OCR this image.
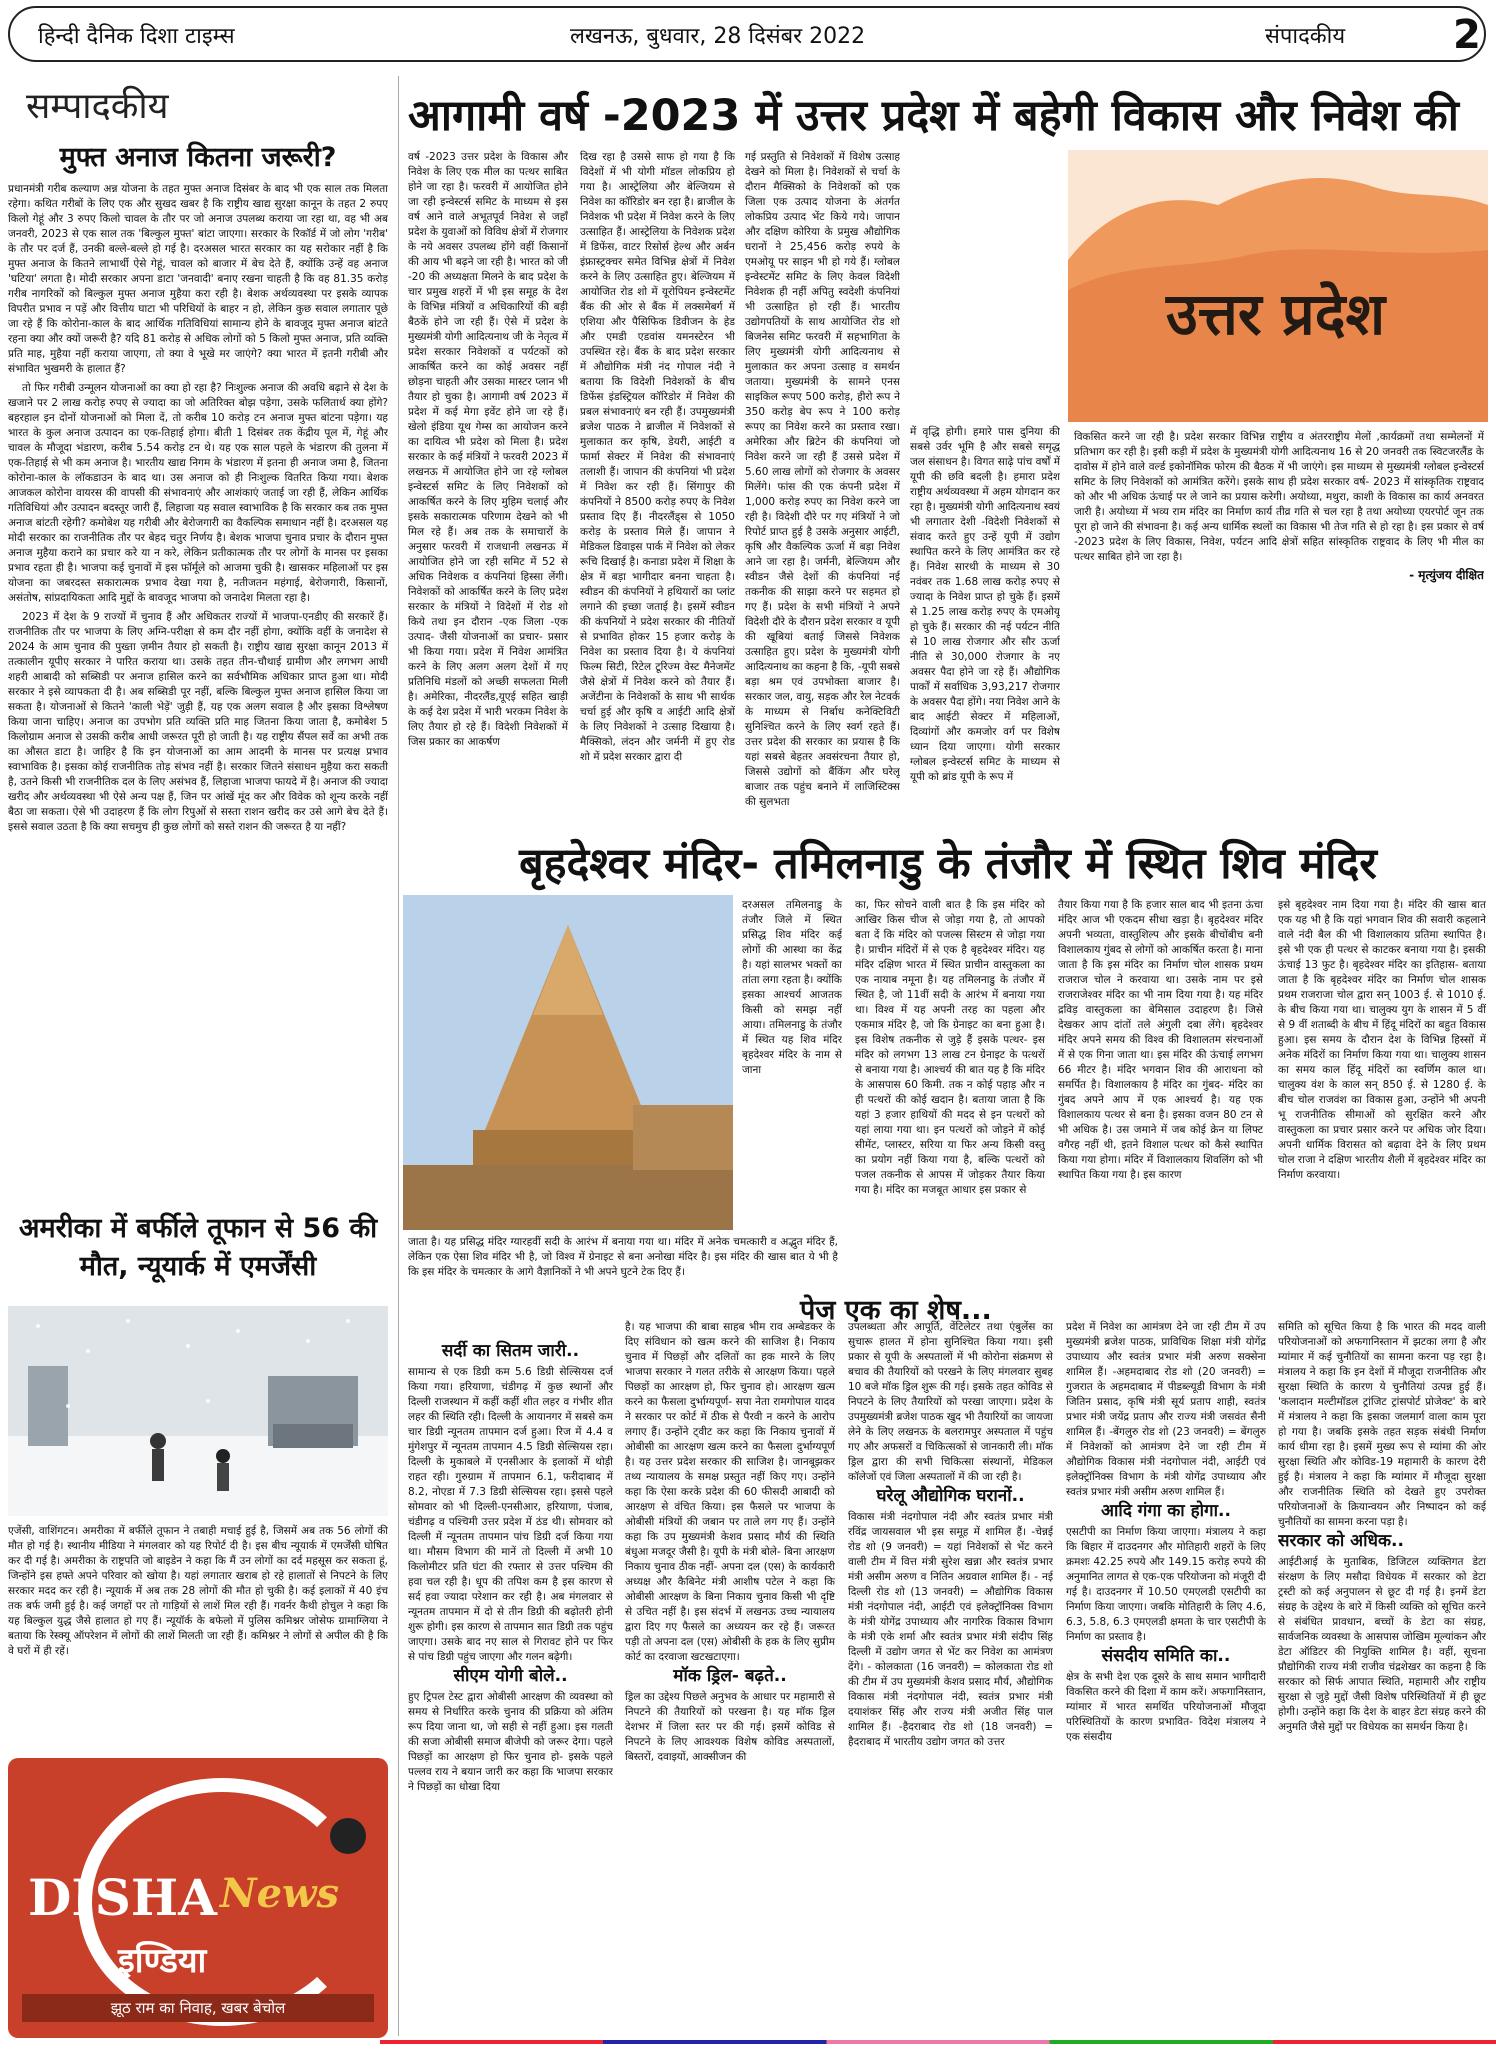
हिन्दी दैनिक दिशा टाइम्स	लखनऊ, बुधवार, 28 दिसंबर 2022	संपादकीय	2
सम्पादकीय
मुफ्त अनाज कितना जरूरी?

प्रधानमंत्री गरीब कल्याण अन्न योजना के तहत मुफ्त अनाज दिसंबर के बाद भी एक साल तक मिलता रहेगा। कथित गरीबों के लिए एक और सुखद खबर है कि राष्ट्रीय खाद्य सुरक्षा कानून के तहत 2 रुपए किलो गेहूं और 3 रुपए किलो चावल के तौर पर जो अनाज उपलब्ध कराया जा रहा था, वह भी अब जनवरी, 2023 से एक साल तक 'बिल्कुल मुफ्त' बांटा जाएगा। सरकार के रिकॉर्ड में जो लोग 'गरीब' के तौर पर दर्ज हैं, उनकी बल्ले-बल्ले हो गई है। दरअसल भारत सरकार का यह सरोकार नहीं है कि मुफ्त अनाज के कितने लाभार्थी ऐसे गेहूं, चावल को बाजार में बेच देते हैं, क्योंकि उन्हें वह अनाज 'घटिया' लगता है। मोदी सरकार अपना डाटा 'जनवादी' बनाए रखना चाहती है कि वह 81.35 करोड़ गरीब नागरिकों को बिल्कुल मुफ्त अनाज मुहैया करा रही है। बेशक अर्थव्यवस्था पर इसके व्यापक विपरीत प्रभाव न पड़ें और वित्तीय घाटा भी परिधियों के बाहर न हो, लेकिन कुछ सवाल लगातार पूछे जा रहे हैं कि कोरोना-काल के बाद आर्थिक गतिविधियां सामान्य होने के बावजूद मुफ्त अनाज बांटते रहना क्या और क्यों जरूरी है? यदि 81 करोड़ से अधिक लोगों को 5 किलो मुफ्त अनाज, प्रति व्यक्ति प्रति माह, मुहैया नहीं कराया जाएगा, तो क्या वे भूखे मर जाएंगे? क्या भारत में इतनी गरीबी और संभावित भुखमरी के हालात हैं?

तो फिर गरीबी उन्मूलन योजनाओं का क्या हो रहा है? निःशुल्क अनाज की अवधि बढ़ाने से देश के खजाने पर 2 लाख करोड़ रुपए से ज्यादा का जो अतिरिक्त बोझ पड़ेगा, उसके फलितार्थ क्या होंगे? बहरहाल इन दोनों योजनाओं को मिला दें, तो करीब 10 करोड़ टन अनाज मुफ्त बांटना पड़ेगा। यह भारत के कुल अनाज उत्पादन का एक-तिहाई होगा। बीती 1 दिसंबर तक केंद्रीय पूल में, गेहूं और चावल के मौजूदा भंडारण, करीब 5.54 करोड़ टन थे। यह एक साल पहले के भंडारण की तुलना में एक-तिहाई से भी कम अनाज है। भारतीय खाद्य निगम के भंडारण में इतना ही अनाज जमा है, जितना कोरोना-काल के लॉकडाउन के बाद था। उस अनाज को ही निःशुल्क वितरित किया गया। बेशक आजकल कोरोना वायरस की वापसी की संभावनाएं और आशंकाएं जताई जा रही हैं, लेकिन आर्थिक गतिविधियां और उत्पादन बदस्तूर जारी हैं, लिहाजा यह सवाल स्वाभाविक है कि सरकार कब तक मुफ्त अनाज बांटती रहेगी? कमोबेश यह गरीबी और बेरोजगारी का वैकल्पिक समाधान नहीं है। दरअसल यह मोदी सरकार का राजनीतिक तौर पर बेहद चतुर निर्णय है। बेशक भाजपा चुनाव प्रचार के दौरान मुफ्त अनाज मुहैया कराने का प्रचार करे या न करे, लेकिन प्रतीकात्मक तौर पर लोगों के मानस पर इसका प्रभाव रहता ही है। भाजपा कई चुनावों में इस फॉर्मूले को आजमा चुकी है। खासकर महिलाओं पर इस योजना का जबरदस्त सकारात्मक प्रभाव देखा गया है, नतीजतन महंगाई, बेरोजगारी, किसानों, असंतोष, सांप्रदायिकता आदि मुद्दों के बावजूद भाजपा को जनादेश मिलता रहा है।

2023 में देश के 9 राज्यों में चुनाव हैं और अधिकतर राज्यों में भाजपा-एनडीए की सरकारें हैं। राजनीतिक तौर पर भाजपा के लिए अग्नि-परीक्षा से कम दौर नहीं होगा, क्योंकि वहीं के जनादेश से 2024 के आम चुनाव की पुख्ता ज़मीन तैयार हो सकती है। राष्ट्रीय खाद्य सुरक्षा कानून 2013 में तत्कालीन यूपीए सरकार ने पारित कराया था। उसके तहत तीन-चौथाई ग्रामीण और लगभग आधी शहरी आबादी को सब्सिडी पर अनाज हासिल करने का सर्वभौमिक अधिकार प्राप्त हुआ था। मोदी सरकार ने इसे व्यापकता दी है। अब सब्सिडी पूर नहीं, बल्कि बिल्कुल मुफ्त अनाज हासिल किया जा सकता है। योजनाओं से कितने 'काली भेड़ें' जुड़ी हैं, यह एक अलग सवाल है और इसका विश्लेषण किया जाना चाहिए। अनाज का उपभोग प्रति व्यक्ति प्रति माह जितना किया जाता है, कमोबेश 5 किलोग्राम अनाज से उसकी करीब आधी जरूरत पूरी हो जाती है। यह राष्ट्रीय सैंपल सर्वे का अभी तक का औसत डाटा है। जाहिर है कि इन योजनाओं का आम आदमी के मानस पर प्रत्यक्ष प्रभाव स्वाभाविक है। इसका कोई राजनीतिक तोड़ संभव नहीं है। सरकार जितने संसाधन मुहैया करा सकती है, उतने किसी भी राजनीतिक दल के लिए असंभव हैं, लिहाजा भाजपा फायदे में है। अनाज की ज्यादा खरीद और अर्थव्यवस्था भी ऐसे अन्य पक्ष हैं, जिन पर आंखें मूंद कर और विवेक को शून्य करके नहीं बैठा जा सकता। ऐसे भी उदाहरण हैं कि लोग रिपुओं से सस्ता राशन खरीद कर उसे आगे बेच देते हैं। इससे सवाल उठता है कि क्या सचमुच ही कुछ लोगों को सस्ते राशन की जरूरत है या नहीं?

अमरीका में बर्फीले तूफान से 56 की मौत, न्यूयार्क में एमर्जेंसी

एजेंसी, वाशिंगटन। अमरीका में बर्फीले तूफान ने तबाही मचाई हुई है, जिसमें अब तक 56 लोगों की मौत हो गई है। स्थानीय मीडिया ने मंगलवार को यह रिपोर्ट दी है। इस बीच न्यूयार्क में एमर्जेंसी घोषित कर दी गई है। अमरीका के राष्ट्रपति जो बाइडेन ने कहा कि मैं उन लोगों का दर्द महसूस कर सकता हूं, जिन्होंने इस हफ्ते अपने परिवार को खोया है। यहां लगातार खराब हो रहे हालातों से निपटने के लिए सरकार मदद कर रही है। न्यूयार्क में अब तक 28 लोगों की मौत हो चुकी है। कई इलाकों में 40 इंच तक बर्फ जमी हुई है। कई जगहों पर तो गाड़ियों से लाशें मिल रही हैं। गवर्नर कैथी होचुल ने कहा कि यह बिल्कुल युद्ध जैसे हालात हो गए हैं। न्यूयॉर्क के बफेलो में पुलिस कमिश्नर जोसेफ ग्रामाग्लिया ने बताया कि रेस्क्यू ऑपरेशन में लोगों की लाशें मिलती जा रही हैं। कमिश्नर ने लोगों से अपील की है कि वे घरों में ही रहें।

DISHA News
इण्डिया
झूठ राम का निवाह, खबर बेचोल
आगामी वर्ष -2023 में उत्तर प्रदेश में बहेगी विकास और निवेश की
उत्तर प्रदेश

वर्ष -2023 उत्तर प्रदेश के विकास और निवेश के लिए एक मील का पत्थर साबित होने जा रहा है। फरवरी में आयोजित होने जा रही इन्वेस्टर्स समिट के माध्यम से इस वर्ष आने वाले अभूतपूर्व निवेश से जहाँ प्रदेश के युवाओं को विविध क्षेत्रों में रोजगार के नये अवसर उपलब्ध होंगे वहीं किसानों की आय भी बढ़ने जा रही है। भारत को जी -20 की अध्यक्षता मिलने के बाद प्रदेश के चार प्रमुख शहरों में भी इस समूह के देश के विभिन्न मंत्रियों व अधिकारियों की बड़ी बैठकें होने जा रही हैं। ऐसे में प्रदेश के मुख्यमंत्री योगी आदित्यनाथ जी के नेतृत्व में प्रदेश सरकार निवेशकों व पर्यटकों को आकर्षित करने का कोई अवसर नहीं छोड़ना चाहती और उसका मास्टर प्लान भी तैयार हो चुका है। आगामी वर्ष 2023 में प्रदेश में कई मेगा इवेंट होने जा रहे हैं। खेलो इंडिया यूथ गेम्स का आयोजन करने का दायित्व भी प्रदेश को मिला है। प्रदेश सरकार के कई मंत्रियों ने फरवरी 2023 में लखनऊ में आयोजित होने जा रहे ग्लोबल इन्वेस्टर्स समिट के लिए निवेशकों को आकर्षित करने के लिए मुहिम चलाई और इसके सकारात्मक परिणाम देखने को भी मिल रहे हैं। अब तक के समाचारों के अनुसार फरवरी में राजधानी लखनऊ में आयोजित होने जा रही समिट में 52 से अधिक निवेशक व कंपनियां हिस्सा लेंगी। निवेशकों को आकर्षित करने के लिए प्रदेश सरकार के मंत्रियों ने विदेशों में रोड शो किये तथा इन दौरान -एक जिला -एक उत्पाद- जैसी योजनाओं का प्रचार- प्रसार भी किया गया। प्रदेश में निवेश आमंत्रित करने के लिए अलग अलग देशों में गए प्रतिनिधि मंडलों को अच्छी सफलता मिली है। अमेरिका, नीदरलैंड,यूएई सहित खाड़ी के कई देश प्रदेश में भारी भरकम निवेश के लिए तैयार हो रहे हैं। विदेशी निवेशकों में जिस प्रकार का आकर्षण

दिख रहा है उससे साफ हो गया है कि विदेशों में भी योगी मॉडल लोकप्रिय हो गया है। आस्ट्रेलिया और बेल्जियम से निवेश का कॉरिडोर बन रहा है। ब्राजील के निवेशक भी प्रदेश में निवेश करने के लिए उत्साहित हैं। आस्ट्रेलिया के निवेशक प्रदेश में डिफेंस, वाटर रिसोर्स हेल्थ और अर्बन इंफ्रास्ट्रक्चर समेत विभिन्न क्षेत्रों में निवेश करने के लिए उत्साहित हुए। बेल्जियम में आयोजित रोड शो में यूरोपियन इन्वेस्टमेंट बैंक की ओर से बैंक में लक्समेबर्ग में एशिया और पैसिफिक डिवीजन के हेड और एमडी एडवांस यमनस्टेरन भी उपस्थित रहे। बैंक के बाद प्रदेश सरकार में औद्योगिक मंत्री नंद गोपाल नंदी ने बताया कि विदेशी निवेशकों के बीच डिफेंस इंडस्ट्रियल कॉरिडोर में निवेश की प्रबल संभावनाएं बन रही हैं। उपमुख्यमंत्री ब्रजेश पाठक ने ब्राजील में निवेशकों से मुलाकात कर कृषि, डेयरी, आईटी व फार्मा सेक्टर में निवेश की संभावनाएं तलाशी हैं। जापान की कंपनियां भी प्रदेश में निवेश कर रही हैं। सिंगापुर की कंपनियों ने 8500 करोड़ रुपए के निवेश प्रस्ताव दिए हैं। नीदरलैंड्स से 1050 करोड़ के प्रस्ताव मिले हैं। जापान ने मेडिकल डिवाइस पार्क में निवेश को लेकर रूचि दिखाई है। कनाडा प्रदेश में शिक्षा के क्षेत्र में बड़ा भागीदार बनना चाहता है। स्वीडन की कंपनियों ने हथियारों का प्लांट लगाने की इच्छा जताई है। इसमें स्वीडन की कंपनियों ने प्रदेश सरकार की नीतियों से प्रभावित होकर 15 हजार करोड़ के निवेश का प्रस्ताव दिया है। ये कंपनियां फिल्म सिटी, रिटेल टूरिज्म वेस्ट मैनेजमेंट जैसे क्षेत्रों में निवेश करने को तैयार हैं। अजेंटीना के निवेशकों के साथ भी सार्थक चर्चा हुई और कृषि व आईटी आदि क्षेत्रों के लिए निवेशकों ने उत्साह दिखाया है। मैक्सिको, लंदन और जर्मनी में हुए रोड शो में प्रदेश सरकार द्वारा दी

गई प्रस्तुति से निवेशकों में विशेष उत्साह देखने को मिला है। निवेशकों से चर्चा के दौरान मैक्सिको के निवेशकों को एक जिला एक उत्पाद योजना के अंतर्गत लोकप्रिय उत्पाद भेंट किये गये। जापान और दक्षिण कोरिया के प्रमुख औद्योगिक घरानों ने 25,456 करोड़ रुपये के एमओयू पर साइन भी हो गये हैं। ग्लोबल इन्वेस्टमेंट समिट के लिए केवल विदेशी निवेशक ही नहीं अपितु स्वदेशी कंपनियां भी उत्साहित हो रही हैं। भारतीय उद्योगपतियों के साथ आयोजित रोड शो बिजनेस समिट फरवरी में सहभागिता के लिए मुख्यमंत्री योगी आदित्यनाथ से मुलाकात कर अपना उत्साह व समर्थन जताया। मुख्यमंत्री के सामने एनस साइकिल रूपए 500 करोड़, हीरो रूप ने 350 करोड़ बेप रूप ने 100 करोड़ रूपए का निवेश करने का प्रस्ताव रखा। अमेरिका और ब्रिटेन की कंपनियां जो निवेश करने जा रही हैं उससे प्रदेश में 5.60 लाख लोगों को रोजगार के अवसर मिलेंगे। फांस की एक कंपनी प्रदेश में 1,000 करोड़ रुपए का निवेश करने जा रही है। विदेशी दौरे पर गए मंत्रियों ने जो रिपोर्ट प्राप्त हुई है उसके अनुसार आईटी, कृषि और वैकल्पिक ऊर्जा में बड़ा निवेश आने जा रहा है। जर्मनी, बेल्जियम और स्वीडन जैसे देशों की कंपनियां नई तकनीक की साझा करने पर सहमत हो गए हैं। प्रदेश के सभी मंत्रियों ने अपने विदेशी दौरे के दौरान प्रदेश सरकार व यूपी की खूबियां बताई जिससे निवेशक उत्साहित हुए। प्रदेश के मुख्यमंत्री योगी आदित्यनाथ का कहना है कि, -यूपी सबसे बड़ा श्रम एवं उपभोक्ता बाजार है। सरकार जल, वायु, सड़क और रेल नेटवर्क के माध्यम से निर्बाध कनेक्टिविटी सुनिश्चित करने के लिए स्वर्ग रहते हैं। उत्तर प्रदेश की सरकार का प्रयास है कि यहां सबसे बेहतर अवसंरचना तैयार हो, जिससे उद्योगों को बैंकिंग और घरेलू बाजार तक पहुंच बनाने में लाजिस्टिक्स की सुलभता

में वृद्धि होगी। हमारे पास दुनिया की सबसे उर्वर भूमि है और सबसे समृद्ध जल संसाधन है। विगत साढ़े पांच वर्षों में यूपी की छवि बदली है। हमारा प्रदेश राष्ट्रीय अर्थव्यवस्था में अहम योगदान कर रहा है। मुख्यमंत्री योगी आदित्यनाथ स्वयं भी लगातार देशी -विदेशी निवेशकों से संवाद करते हुए उन्हें यूपी में उद्योग स्थापित करने के लिए आमंत्रित कर रहे हैं। निवेश सारथी के माध्यम से 30 नवंबर तक 1.68 लाख करोड़ रुपए से ज्यादा के निवेश प्राप्त हो चुके हैं। इसमें से 1.25 लाख करोड़ रुपए के एमओयू हो चुके हैं। सरकार की नई पर्यटन नीति से 10 लाख रोजगार और सौर ऊर्जा नीति से 30,000 रोजगार के नए अवसर पैदा होने जा रहे हैं। औद्योगिक पार्कों में सर्वाधिक 3,93,217 रोजगार के अवसर पैदा होंगे। नया निवेश आने के बाद आईटी सेक्टर में महिलाओं, दिव्यांगों और कमजोर वर्ग पर विशेष ध्यान दिया जाएगा। योगी सरकार ग्लोबल इन्वेस्टर्स समिट के माध्यम से यूपी को ब्रांड यूपी के रूप में

विकसित करने जा रही है। प्रदेश सरकार विभिन्न राष्ट्रीय व अंतरराष्ट्रीय मेलों ,कार्यक्रमों तथा सम्मेलनों में प्रतिभाग कर रही है। इसी कड़ी में प्रदेश के मुख्यमंत्री योगी आदित्यनाथ 16 से 20 जनवरी तक स्विटजरलैंड के दावोस में होने वाले वर्ल्ड इकोनॉमिक फोरम की बैठक में भी जाएंगे। इस माध्यम से मुख्यमंत्री ग्लोबल इन्वेस्टर्स समिट के लिए निवेशकों को आमंत्रित करेंगे। इसके साथ ही प्रदेश सरकार वर्ष- 2023 में सांस्कृतिक राष्ट्रवाद को और भी अधिक ऊंचाई पर ले जाने का प्रयास करेगी। अयोध्या, मथुरा, काशी के विकास का कार्य अनवरत जारी है। अयोध्या में भव्य राम मंदिर का निर्माण कार्य तीव्र गति से चल रहा है तथा अयोध्या एयरपोर्ट जून तक पूरा हो जाने की संभावना है। कई अन्य धार्मिक स्थलों का विकास भी तेज गति से हो रहा है। इस प्रकार से वर्ष -2023 प्रदेश के लिए विकास, निवेश, पर्यटन आदि क्षेत्रों सहित सांस्कृतिक राष्ट्रवाद के लिए भी मील का पत्थर साबित होने जा रहा है।

- मृत्युंजय दीक्षित
बृहदेश्वर मंदिर- तमिलनाडु के तंजौर में स्थित शिव मंदिर

दरअसल तमिलनाडु के तंजौर जिले में स्थित प्रसिद्ध शिव मंदिर कई लोगों की आस्था का केंद्र है। यहां सालभर भक्तों का तांता लगा रहता है। क्योंकि इसका आश्चर्य आजतक किसी को समझ नहीं आया। तमिलनाडु के तंजौर में स्थित यह शिव मंदिर बृहदेश्वर मंदिर के नाम से जाना

जाता है। यह प्रसिद्ध मंदिर ग्यारहवीं सदी के आरंभ में बनाया गया था। मंदिर में अनेक चमत्कारी व अद्भुत मंदिर हैं, लेकिन एक ऐसा शिव मंदिर भी है, जो विश्व में ग्रेनाइट से बना अनोखा मंदिर है। इस मंदिर की खास बात ये भी है कि इस मंदिर के चमत्कार के आगे वैज्ञानिकों ने भी अपने घुटने टेक दिए हैं।

का, फिर सोचने वाली बात है कि इस मंदिर को आखिर किस चीज से जोड़ा गया है, तो आपको बता दें कि मंदिर को पजल्स सिस्टम से जोड़ा गया है। प्राचीन मंदिरों में से एक है बृहदेश्वर मंदिर। यह मंदिर दक्षिण भारत में स्थित प्राचीन वास्तुकला का एक नायाब नमूना है। यह तमिलनाडु के तंजौर में स्थित है, जो 11वीं सदी के आरंभ में बनाया गया था। विश्व में यह अपनी तरह का पहला और एकमात्र मंदिर है, जो कि ग्रेनाइट का बना हुआ है। इस विशेष तकनीक से जुड़े हैं इसके पत्थर- इस मंदिर को लगभग 13 लाख टन ग्रेनाइट के पत्थरों से बनाया गया है। आश्चर्य की बात यह है कि मंदिर के आसपास 60 किमी. तक न कोई पहाड़ और न ही पत्थरों की कोई खदान है। बताया जाता है कि यहां 3 हजार हाथियों की मदद से इन पत्थरों को यहां लाया गया था। इन पत्थरों को जोड़ने में कोई सीमेंट, प्लास्टर, सरिया या फिर अन्य किसी वस्तु का प्रयोग नहीं किया गया है, बल्कि पत्थरों को पजल तकनीक से आपस में जोड़कर तैयार किया गया है। मंदिर का मजबूत आधार इस प्रकार से

तैयार किया गया है कि हजार साल बाद भी इतना ऊंचा मंदिर आज भी एकदम सीधा खड़ा है। बृहदेश्वर मंदिर अपनी भव्यता, वास्तुशिल्प और इसके बीचोंबीच बनी विशालकाय गुंबद से लोगों को आकर्षित करता है। माना जाता है कि इस मंदिर का निर्माण चोल शासक प्रथम राजराज चोल ने करवाया था। उसके नाम पर इसे राजराजेश्वर मंदिर का भी नाम दिया गया है। यह मंदिर द्रविड़ वास्तुकला का बेमिसाल उदाहरण है। जिसे देखकर आप दांतों तले अंगुली दबा लेंगे। बृहदेश्वर मंदिर अपने समय की विश्व की विशालतम संरचनाओं में से एक गिना जाता था। इस मंदिर की ऊंचाई लगभग 66 मीटर है। मंदिर भगवान शिव की आराधना को समर्पित है। विशालकाय है मंदिर का गुंबद- मंदिर का गुंबद अपने आप में एक आश्चर्य है। यह एक विशालकाय पत्थर से बना है। इसका वजन 80 टन से भी अधिक है। उस जमाने में जब कोई क्रेन या लिफ्ट वगैरह नहीं थी, इतने विशाल पत्थर को कैसे स्थापित किया गया होगा। मंदिर में विशालकाय शिवलिंग को भी स्थापित किया गया है। इस कारण

इसे बृहदेश्वर नाम दिया गया है। मंदिर की खास बात एक यह भी है कि यहां भगवान शिव की सवारी कहलाने वाले नंदी बैल की भी विशालकाय प्रतिमा स्थापित है। इसे भी एक ही पत्थर से काटकर बनाया गया है। इसकी ऊंचाई 13 फुट है। बृहदेश्वर मंदिर का इतिहास- बताया जाता है कि बृहदेश्वर मंदिर का निर्माण चोल शासक प्रथम राजराजा चोल द्वारा सन् 1003 ई. से 1010 ई. के बीच किया गया था। चालुक्य युग के शासन में 5 वीं से 9 वीं शताब्दी के बीच में हिंदू मंदिरों का बहुत विकास हुआ। इस समय के दौरान देश के विभिन्न हिस्सों में अनेक मंदिरों का निर्माण किया गया था। चालुक्य शासन का समय काल हिंदू मंदिरों का स्वर्णिम काल था। चालुक्य वंश के काल सन् 850 ई. से 1280 ई. के बीच चोल राजवंश का विकास हुआ, उन्होंने भी अपनी भू राजनीतिक सीमाओं को सुरक्षित करने और वास्तुकला का प्रचार प्रसार करने पर अधिक जोर दिया। अपनी धार्मिक विरासत को बढ़ावा देने के लिए प्रथम चोल राजा ने दक्षिण भारतीय शैली में बृहदेश्वर मंदिर का निर्माण करवाया।

पेज एक का शेष...
सर्दी का सितम जारी..

सामान्य से एक डिग्री कम 5.6 डिग्री सेल्सियस दर्ज किया गया। हरियाणा, चंडीगढ़ में कुछ स्थानों और दिल्ली राजस्थान में कहीं कहीं शीत लहर व गंभीर शीत लहर की स्थिति रही। दिल्ली के आयानगर में सबसे कम चार डिग्री न्यूनतम तापमान दर्ज हुआ। रिज में 4.4 व मुंगेशपुर में न्यूनतम तापमान 4.5 डिग्री सेल्सियस रहा। दिल्ली के मुकाबले में एनसीआर के इलाकों में थोड़ी राहत रही। गुरुग्राम में तापमान 6.1, फरीदाबाद में 8.2, नोएडा में 7.3 डिग्री सेल्सियस रहा। इससे पहले सोमवार को भी दिल्ली-एनसीआर, हरियाणा, पंजाब, चंडीगढ़ व पश्चिमी उत्तर प्रदेश में ठंड थी। सोमवार को दिल्ली में न्यूनतम तापमान पांच डिग्री दर्ज किया गया था। मौसम विभाग की मानें तो दिल्ली में अभी 10 किलोमीटर प्रति घंटा की रफ्तार से उत्तर पश्चिम की हवा चल रही है। धूप की तपिश कम है इस कारण से सर्द हवा ज्यादा परेशान कर रही है। अब मंगलवार से न्यूनतम तापमान में दो से तीन डिग्री की बढ़ोतरी होनी शुरू होगी। इस कारण से तापमान सात डिग्री तक पहुंच जाएगा। उसके बाद नए साल से गिरावट होने पर फिर से पांच डिग्री पहुंच जाएगा और गलन बढ़ेगी।

सीएम योगी बोले..

हुए ट्रिपल टेस्ट द्वारा ओबीसी आरक्षण की व्यवस्था को समय से निर्धारित करके चुनाव की प्रक्रिया को अंतिम रूप दिया जाना था, जो सही से नहीं हुआ। इस गलती की सजा ओबीसी समाज बीजेपी को जरूर देगा। पहले पिछड़ों का आरक्षण हो फिर चुनाव हो- इसके पहले पल्लव राय ने बयान जारी कर कहा कि भाजपा सरकार ने पिछड़ों का धोखा दिया

है। यह भाजपा की बाबा साहब भीम राव अम्बेडकर के दिए संविधान को खत्म करने की साजिश है। निकाय चुनाव में पिछड़ों और दलितों का हक मारने के लिए भाजपा सरकार ने गलत तरीके से आरक्षण किया। पहले पिछड़ों का आरक्षण हो, फिर चुनाव हो। आरक्षण खत्म करने का फैसला दुर्भाग्यपूर्ण- सपा नेता रामगोपाल यादव ने सरकार पर कोर्ट में ठीक से पैरवी न करने के आरोप लगाए हैं। उन्होंने ट्वीट कर कहा कि निकाय चुनावों में ओबीसी का आरक्षण खत्म करने का फैसला दुर्भाग्यपूर्ण है। यह उत्तर प्रदेश सरकार की साजिश है। जानबूझकर तथ्य न्यायालय के समक्ष प्रस्तुत नहीं किए गए। उन्होंने कहा कि ऐसा करके प्रदेश की 60 फीसदी आबादी को आरक्षण से वंचित किया। इस फैसले पर भाजपा के ओबीसी मंत्रियों की जबान पर ताले लग गए हैं। उन्होंने कहा कि उप मुख्यमंत्री केशव प्रसाद मौर्य की स्थिति बंधुआ मजदूर जैसी है। यूपी के मंत्री बोले- बिना आरक्षण निकाय चुनाव ठीक नहीं- अपना दल (एस) के कार्यकारी अध्यक्ष और कैबिनेट मंत्री आशीष पटेल ने कहा कि ओबीसी आरक्षण के बिना निकाय चुनाव किसी भी दृष्टि से उचित नहीं है। इस संदर्भ में लखनऊ उच्च न्यायालय द्वारा दिए गए फैसले का अध्ययन कर रहे हैं। जरूरत पड़ी तो अपना दल (एस) ओबीसी के हक के लिए सुप्रीम कोर्ट का दरवाजा खटखटाएगा।

मॉक ड्रिल- बढ़ते..

ड्रिल का उद्देश्य पिछले अनुभव के आधार पर महामारी से निपटने की तैयारियों को परखना है। यह मॉक ड्रिल देशभर में जिला स्तर पर की गई। इसमें कोविड से निपटने के लिए आवश्यक विशेष कोविड अस्पतालों, बिस्तरों, दवाइयों, आक्सीजन की

उपलब्धता और आपूर्ति, वेंटिलेटर तथा एंबुलेंस का सुचारू हालत में होना सुनिश्चित किया गया। इसी प्रकार से यूपी के अस्पतालों में भी कोरोना संक्रमण से बचाव की तैयारियों को परखने के लिए मंगलवार सुबह 10 बजे मॉक ड्रिल शुरू की गई। इसके तहत कोविड से निपटने के लिए तैयारियों को परखा जाएगा। प्रदेश के उपमुख्यमंत्री ब्रजेश पाठक खुद भी तैयारियों का जायजा लेने के लिए लखनऊ के बलरामपुर अस्पताल में पहुंच गए और अफसरों व चिकित्सकों से जानकारी ली। मॉक ड्रिल द्वारा की सभी चिकित्सा संस्थानों, मेडिकल कॉलेजों एवं जिला अस्पतालों में की जा रही है।

घरेलू औद्योगिक घरानों..

विकास मंत्री नंदगोपाल नंदी और स्वतंत्र प्रभार मंत्री रविंद्र जायसवाल भी इस समूह में शामिल हैं। -चेन्नई रोड शो (9 जनवरी) = यहां निवेशकों से भेंट करने वाली टीम में वित्त मंत्री सुरेश खन्ना और स्वतंत्र प्रभार मंत्री असीम अरुण व नितिन अग्रवाल शामिल हैं। - नई दिल्ली रोड शो (13 जनवरी) = औद्योगिक विकास मंत्री नंदगोपाल नंदी, आईटी एवं इलेक्ट्रॉनिक्स विभाग के मंत्री योगेंद्र उपाध्याय और नागरिक विकास विभाग के मंत्री एके शर्मा और स्वतंत्र प्रभार मंत्री संदीप सिंह दिल्ली में उद्योग जगत से भेंट कर निवेश का आमंत्रण देंगे। - कोलकाता (16 जनवरी) = कोलकाता रोड शो की टीम में उप मुख्यमंत्री केशव प्रसाद मौर्य, औद्योगिक विकास मंत्री नंदगोपाल नंदी, स्वतंत्र प्रभार मंत्री दयाशंकर सिंह और राज्य मंत्री अजीत सिंह पाल शामिल हैं। -हैदराबाद रोड शो (18 जनवरी) = हैदराबाद में भारतीय उद्योग जगत को उत्तर

प्रदेश में निवेश का आमंत्रण देने जा रही टीम में उप मुख्यमंत्री ब्रजेश पाठक, प्राविधिक शिक्षा मंत्री योगेंद्र उपाध्याय और स्वतंत्र प्रभार मंत्री अरुण सक्सेना शामिल हैं। -अहमदाबाद रोड शो (20 जनवरी) = गुजरात के अहमदाबाद में पीडब्ल्यूडी विभाग के मंत्री जितिन प्रसाद, कृषि मंत्री सूर्य प्रताप शाही, स्वतंत्र प्रभार मंत्री जयेंद्र प्रताप और राज्य मंत्री जसवंत सैनी शामिल हैं। -बेंगलुरु रोड शो (23 जनवरी) = बेंगलुरु में निवेशकों को आमंत्रण देने जा रही टीम में औद्योगिक विकास मंत्री नंदगोपाल नंदी, आईटी एवं इलेक्ट्रॉनिक्स विभाग के मंत्री योगेंद्र उपाध्याय और स्वतंत्र प्रभार मंत्री असीम अरुण शामिल हैं।

आदि गंगा का होगा..

एसटीपी का निर्माण किया जाएगा। मंत्रालय ने कहा कि बिहार में दाउदनगर और मोतिहारी शहरों के लिए क्रमशः 42.25 रुपये और 149.15 करोड़ रुपये की अनुमानित लागत से एक-एक परियोजना को मंजूरी दी गई है। दाउदनगर में 10.50 एमएलडी एसटीपी का निर्माण किया जाएगा। जबकि मोतिहारी के लिए 4.6, 6.3, 5.8, 6.3 एमएलडी क्षमता के चार एसटीपी के निर्माण का प्रस्ताव है।

संसदीय समिति का..

क्षेत्र के सभी देश एक दूसरे के साथ समान भागीदारी विकसित करने की दिशा में काम करें। अफगानिस्तान, म्यांमार में भारत समर्थित परियोजनाओं मौजूदा परिस्थितियों के कारण प्रभावित- विदेश मंत्रालय ने एक संसदीय

समिति को सूचित किया है कि भारत की मदद वाली परियोजनाओं को अफगानिस्तान में झटका लगा है और म्यांमार में कई चुनौतियों का सामना करना पड़ रहा है। मंत्रालय ने कहा कि इन देशों में मौजूदा राजनीतिक और सुरक्षा स्थिति के कारण ये चुनौतियां उत्पन्न हुई हैं। 'कलादान मल्टीमॉडल ट्रांजिट ट्रांसपोर्ट प्रोजेक्ट' के बारे में मंत्रालय ने कहा कि इसका जलमार्ग वाला काम पूरा हो गया है। जबकि इसके तहत सड़क संबंधी निर्माण कार्य धीमा रहा है। इसमें मुख्य रूप से म्यांमा की ओर सुरक्षा स्थिति और कोविड-19 महामारी के कारण देरी हुई है। मंत्रालय ने कहा कि म्यांमार में मौजूदा सुरक्षा और राजनीतिक स्थिति को देखते हुए उपरोक्त परियोजनाओं के क्रियान्वयन और निष्पादन को कई चुनौतियों का सामना करना पड़ा है।

सरकार को अधिक..

आईटीआई के मुताबिक, डिजिटल व्यक्तिगत डेटा संरक्षण के लिए मसौदा विधेयक में सरकार को डेटा ट्रस्टी को कई अनुपालन से छूट दी गई है। इनमें डेटा संग्रह के उद्देश्य के बारे में किसी व्यक्ति को सूचित करने से संबंधित प्रावधान, बच्चों के डेटा का संग्रह, सार्वजनिक व्यवस्था के आसपास जोखिम मूल्यांकन और डेटा ऑडिटर की नियुक्ति शामिल है। वहीं, सूचना प्रौद्योगिकी राज्य मंत्री राजीव चंद्रशेखर का कहना है कि सरकार को सिर्फ आपात स्थिति, महामारी और राष्ट्रीय सुरक्षा से जुड़े मुद्दों जैसी विशेष परिस्थितियों में ही छूट होगी। उन्होंने कहा कि देश के बाहर डेटा संग्रह करने की अनुमति जैसे मुद्दों पर विधेयक का समर्थन किया है।
